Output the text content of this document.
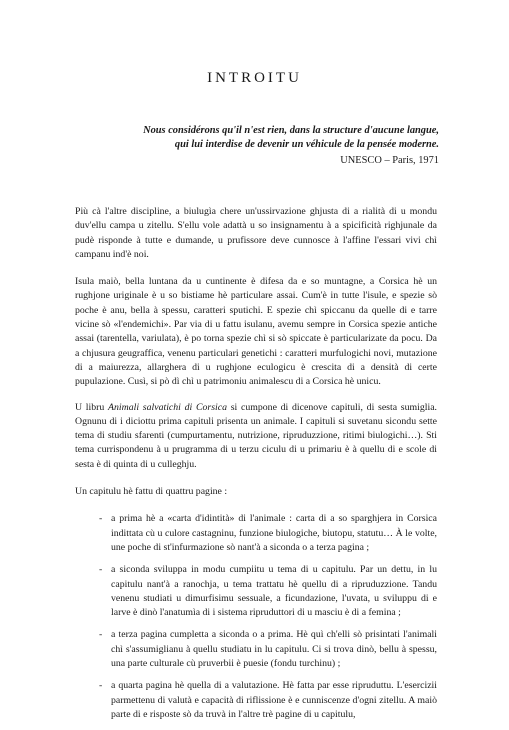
INTROITU

Nous considérons qu'il n'est rien, dans la structure d'aucune langue,
qui lui interdise de devenir un véhicule de la pensée moderne.

UNESCO – Paris, 1971

Più cà l'altre discipline, a biulugìa chere un'ussirvazione ghjusta di a rialità di u mondu duv'ellu campa u zitellu. S'ellu vole adattà u so insignamentu à a spicificità righjunale da pudè risponde à tutte e dumande, u prufissore deve cunnosce à l'affine l'essari vivi chì campanu ind'è noi.

Isula maiò, bella luntana da u cuntinente è difesa da e so muntagne, a Corsica hè un rughjone uriginale è u so bistiame hè particulare assai. Cum'è in tutte l'isule, e spezie sò poche è anu, bella à spessu, caratteri sputichi. E spezie chì spiccanu da quelle di e tarre vicine sò «l'endemichi». Par via di u fattu isulanu, avemu sempre in Corsica spezie antiche assai (tarentella, variulata), è po torna spezie chì si sò spiccate è particularizate da pocu. Da a chjusura geugraffica, venenu particulari genetichi : caratteri murfulogichi novi, mutazione di a maiurezza, allarghera di u rughjone eculogicu è crescita di a densità di certe pupulazione. Cusì, si pò dì chì u patrimoniu animalescu di a Corsica hè unicu.

U libru Animali salvatichi di Corsica si cumpone di dicenove capituli, di sesta sumiglia. Ognunu di i diciottu prima capituli prisenta un animale. I capituli si suvetanu sicondu sette tema di studiu sfarenti (cumpurtamentu, nutrizione, ripruduzzione, ritimi biulogichi…). Sti tema currispondenu à u prugramma di u terzu ciculu di u primariu è à quellu di e scole di sesta è di quinta di u culleghju.

Un capitulu hè fattu di quattru pagine :

- a prima hè a «carta d'idintità» di l'animale : carta di a so sparghjera in Corsica indittata cù u culore castagninu, funzione biulogiche, biutopu, statutu… À le volte, une poche di st'infurmazione sò nant'à a siconda o a terza pagina ;
- a siconda sviluppa in modu cumpiitu u tema di u capitulu. Par un dettu, in lu capitulu nant'à a ranochja, u tema trattatu hè quellu di a ripruduzzione. Tandu venenu studiati u dimurfisimu sessuale, a ficundazione, l'uvata, u sviluppu di e larve è dinò l'anatumìa di i sistema ripruduttori di u masciu è di a femina ;
- a terza pagina cumpletta a siconda o a prima. Hè quì ch'elli sò prisintati l'animali chì s'assumiglianu à quellu studiatu in lu capitulu. Ci si trova dinò, bellu à spessu, una parte culturale cù pruverbii è puesie (fondu turchinu) ;
- a quarta pagina hè quella di a valutazione. Hè fatta par esse ripruduttu. L'esercizii parmettenu di valutà e capacità di riflissione è e cunniscenze d'ogni zitellu. A maiò parte di e risposte sò da truvà in l'altre trè pagine di u capitulu,
